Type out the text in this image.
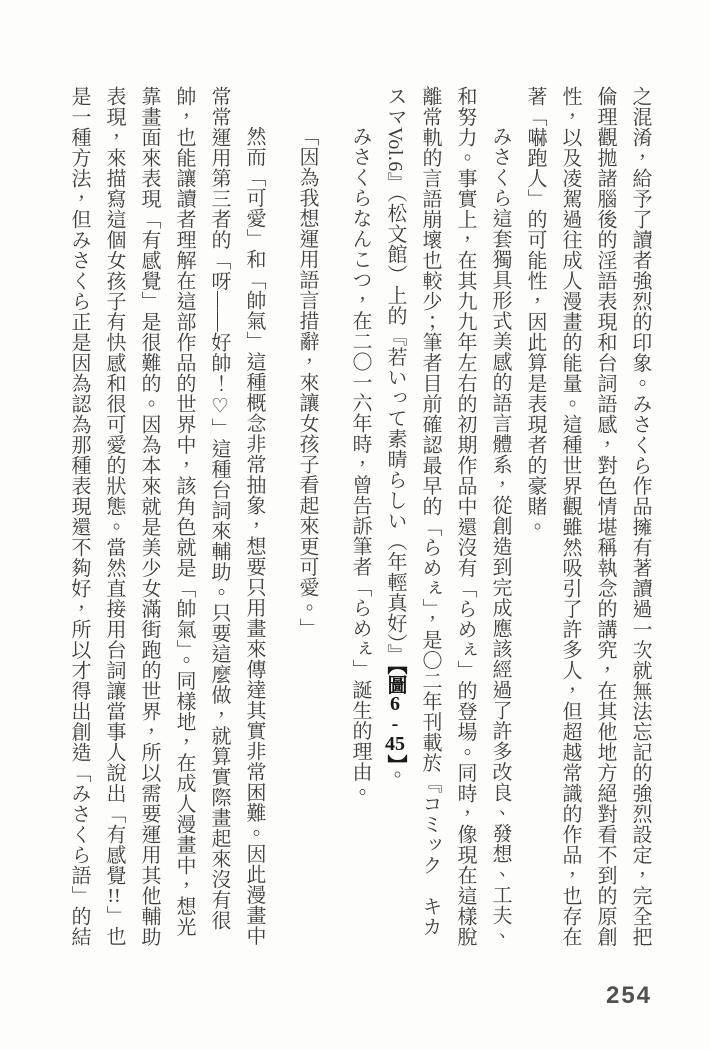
之混淆，給予了讀者強烈的印象。みさくら作品擁有著讀過一次就無法忘記的強烈設定，完全把
倫理觀拋諸腦後的淫語表現和台詞語感，對色情堪稱執念的講究，在其他地方絕對看不到的原創
性，以及凌駕過往成人漫畫的能量。這種世界觀雖然吸引了許多人，但超越常識的作品，也存在
著「嚇跑人」的可能性，因此算是表現者的豪賭。
みさくら這套獨具形式美感的語言體系，從創造到完成應該經過了許多改良、發想、工夫、
和努力。事實上，在其九九年左右的初期作品中還沒有「らめぇ」的登場。同時，像現在這樣脫
離常軌的言語崩壞也較少；筆者目前確認最早的「らめぇ」，是〇二年刊載於『コミック　キカ
スマVol.6』（松文館）上的『若いって素晴らしい（年輕真好）』【圖6-45】。
みさくらなんこつ，在二〇一六年時，曾告訴筆者「らめぇ」誕生的理由。
「因為我想運用語言措辭，來讓女孩子看起來更可愛。」
然而「可愛」和「帥氣」這種概念非常抽象，想要只用畫來傳達其實非常困難。因此漫畫中
常常運用第三者的「呀——好帥！♡」這種台詞來輔助。只要這麼做，就算實際畫起來沒有很
帥，也能讓讀者理解在這部作品的世界中，該角色就是「帥氣」。同樣地，在成人漫畫中，想光
靠畫面來表現「有感覺」是很難的。因為本來就是美少女滿街跑的世界，所以需要運用其他輔助
表現，來描寫這個女孩子有快感和很可愛的狀態。當然直接用台詞讓當事人說出「有感覺!!」也
是一種方法，但みさくら正是因為認為那種表現還不夠好，所以才得出創造「みさくら語」的結
254
